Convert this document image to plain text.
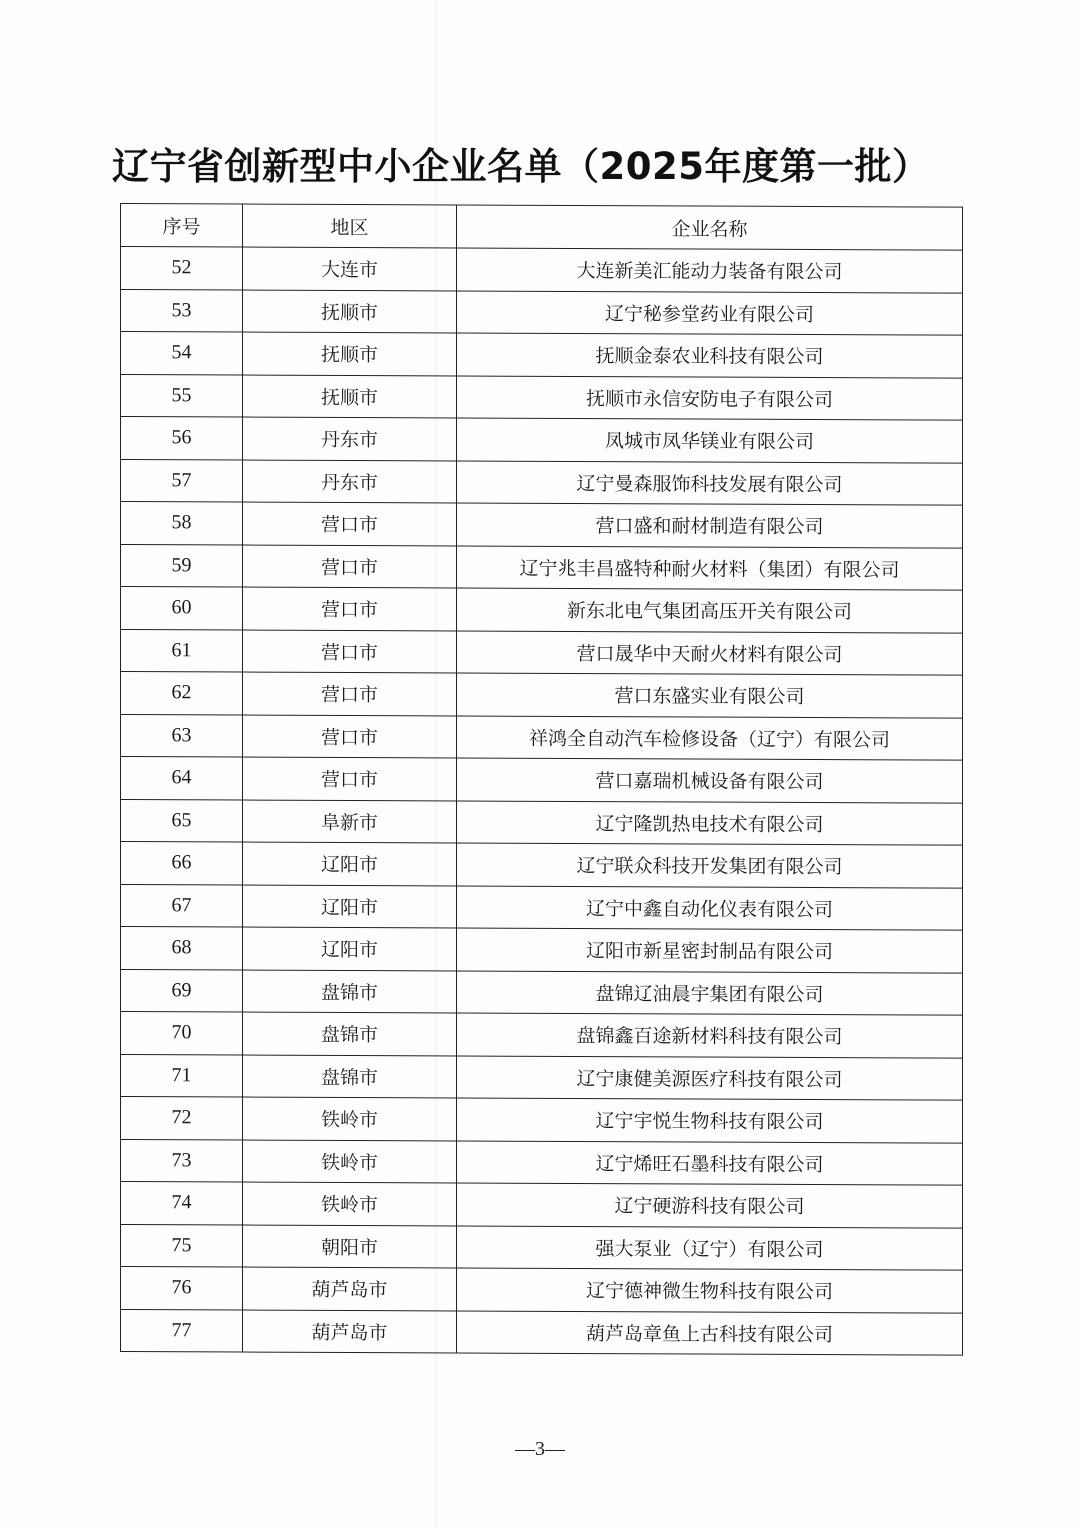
辽宁省创新型中小企业名单（2025年度第一批）
序号	地区	企业名称
52	大连市	大连新美汇能动力装备有限公司
53	抚顺市	辽宁秘参堂药业有限公司
54	抚顺市	抚顺金泰农业科技有限公司
55	抚顺市	抚顺市永信安防电子有限公司
56	丹东市	凤城市凤华镁业有限公司
57	丹东市	辽宁曼森服饰科技发展有限公司
58	营口市	营口盛和耐材制造有限公司
59	营口市	辽宁兆丰昌盛特种耐火材料（集团）有限公司
60	营口市	新东北电气集团高压开关有限公司
61	营口市	营口晟华中天耐火材料有限公司
62	营口市	营口东盛实业有限公司
63	营口市	祥鸿全自动汽车检修设备（辽宁）有限公司
64	营口市	营口嘉瑞机械设备有限公司
65	阜新市	辽宁隆凯热电技术有限公司
66	辽阳市	辽宁联众科技开发集团有限公司
67	辽阳市	辽宁中鑫自动化仪表有限公司
68	辽阳市	辽阳市新星密封制品有限公司
69	盘锦市	盘锦辽油晨宇集团有限公司
70	盘锦市	盘锦鑫百途新材料科技有限公司
71	盘锦市	辽宁康健美源医疗科技有限公司
72	铁岭市	辽宁宇悦生物科技有限公司
73	铁岭市	辽宁烯旺石墨科技有限公司
74	铁岭市	辽宁硬游科技有限公司
75	朝阳市	强大泵业（辽宁）有限公司
76	葫芦岛市	辽宁德神微生物科技有限公司
77	葫芦岛市	葫芦岛章鱼上古科技有限公司
—3—
